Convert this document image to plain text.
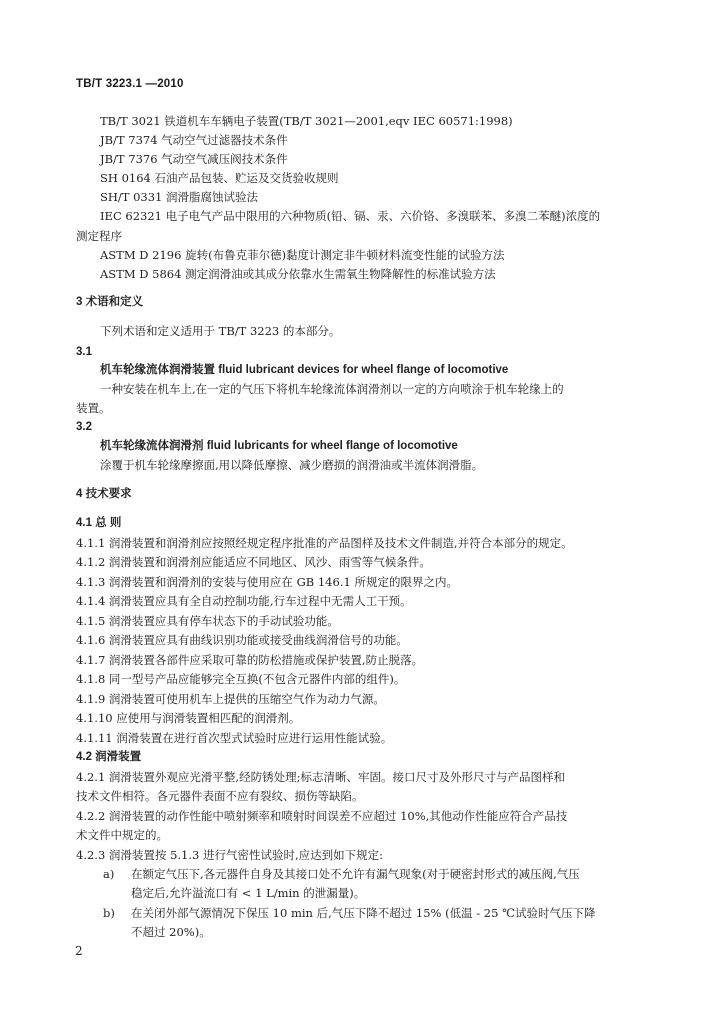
TB/T 3223.1 —2010
TB/T 3021 铁道机车车辆电子装置(TB/T 3021—2001,eqv IEC 60571:1998)
JB/T 7374 气动空气过滤器技术条件
JB/T 7376 气动空气减压阀技术条件
SH 0164 石油产品包装、贮运及交货验收规则
SH/T 0331 润滑脂腐蚀试验法
IEC 62321 电子电气产品中限用的六种物质(铅、镉、汞、六价铬、多溴联苯、多溴二苯醚)浓度的
测定程序
ASTM D 2196 旋转(布鲁克菲尔德)黏度计测定非牛顿材料流变性能的试验方法
ASTM D 5864 测定润滑油或其成分依靠水生需氧生物降解性的标准试验方法
3 术语和定义
下列术语和定义适用于 TB/T 3223 的本部分。
3.1
机车轮缘流体润滑装置 fluid lubricant devices for wheel flange of locomotive
一种安装在机车上,在一定的气压下将机车轮缘流体润滑剂以一定的方向喷涂于机车轮缘上的
装置。
3.2
机车轮缘流体润滑剂 fluid lubricants for wheel flange of locomotive
涂覆于机车轮缘摩擦面,用以降低摩擦、减少磨损的润滑油或半流体润滑脂。
4 技术要求
4.1 总 则
4.1.1 润滑装置和润滑剂应按照经规定程序批准的产品图样及技术文件制造,并符合本部分的规定。
4.1.2 润滑装置和润滑剂应能适应不同地区、风沙、雨雪等气候条件。
4.1.3 润滑装置和润滑剂的安装与使用应在 GB 146.1 所规定的限界之内。
4.1.4 润滑装置应具有全自动控制功能,行车过程中无需人工干预。
4.1.5 润滑装置应具有停车状态下的手动试验功能。
4.1.6 润滑装置应具有曲线识别功能或接受曲线润滑信号的功能。
4.1.7 润滑装置各部件应采取可靠的防松措施或保护装置,防止脱落。
4.1.8 同一型号产品应能够完全互换(不包含元器件内部的组件)。
4.1.9 润滑装置可使用机车上提供的压缩空气作为动力气源。
4.1.10 应使用与润滑装置相匹配的润滑剂。
4.1.11 润滑装置在进行首次型式试验时应进行运用性能试验。
4.2 润滑装置
4.2.1 润滑装置外观应光滑平整,经防锈处理;标志清晰、牢固。接口尺寸及外形尺寸与产品图样和
技术文件相符。各元器件表面不应有裂纹、损伤等缺陷。
4.2.2 润滑装置的动作性能中喷射频率和喷射时间误差不应超过 10%,其他动作性能应符合产品技
术文件中规定的。
4.2.3 润滑装置按 5.1.3 进行气密性试验时,应达到如下规定:
a) 在额定气压下,各元器件自身及其接口处不允许有漏气现象(对于硬密封形式的减压阀,气压
稳定后,允许溢流口有 < 1 L/min 的泄漏量)。
b) 在关闭外部气源情况下保压 10 min 后,气压下降不超过 15% (低温 - 25 ℃试验时气压下降
不超过 20%)。
2
